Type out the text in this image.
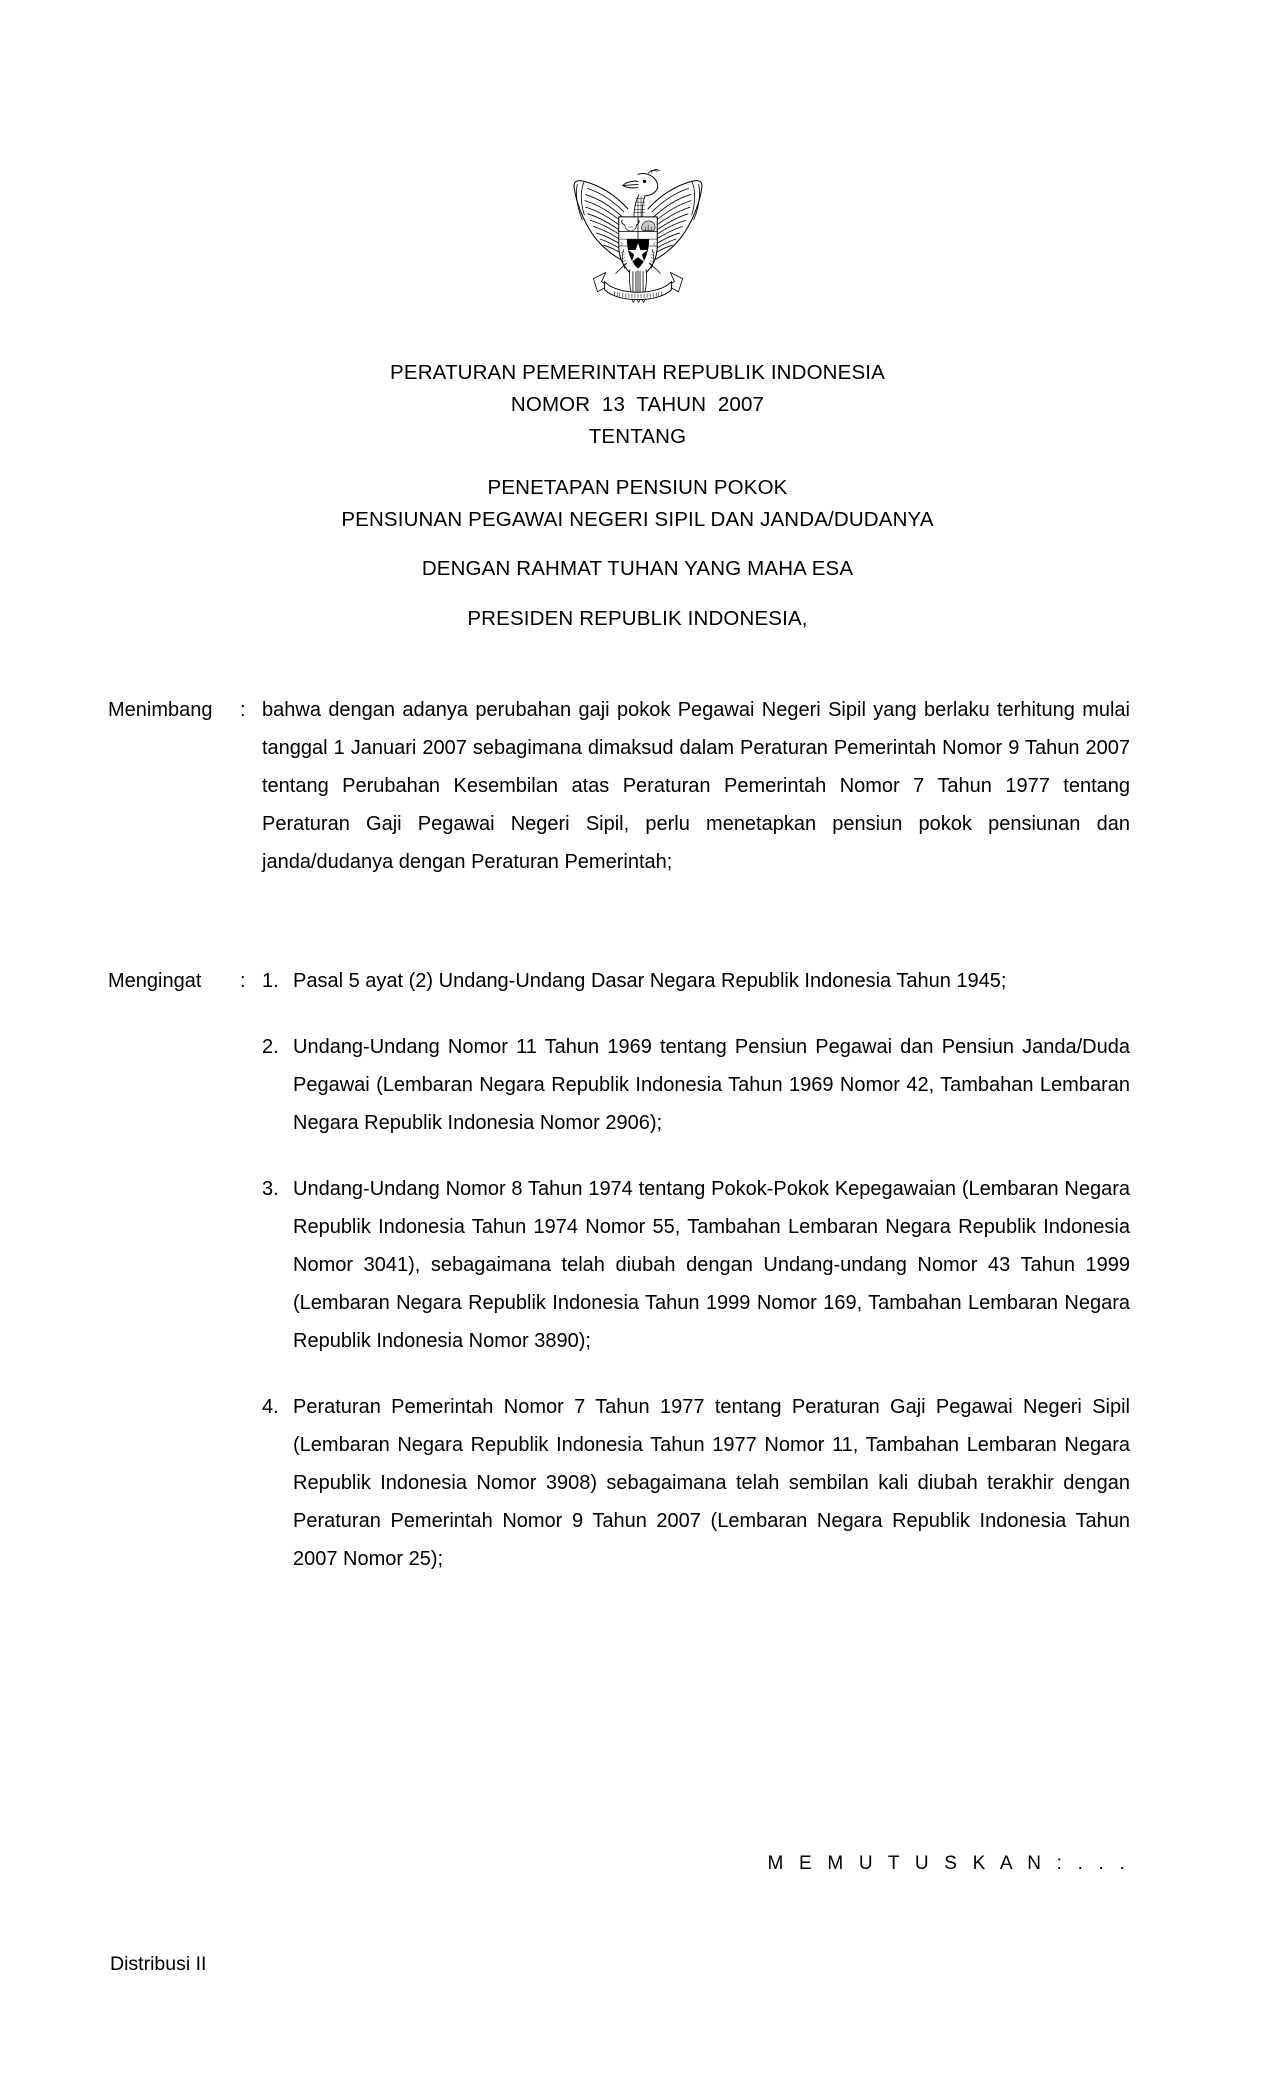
PERATURAN PEMERINTAH REPUBLIK INDONESIA
NOMOR  13  TAHUN  2007
TENTANG
PENETAPAN PENSIUN POKOK
PENSIUNAN PEGAWAI NEGERI SIPIL DAN JANDA/DUDANYA
DENGAN RAHMAT TUHAN YANG MAHA ESA
PRESIDEN REPUBLIK INDONESIA,
Menimbang	: bahwa dengan adanya perubahan gaji pokok Pegawai Negeri Sipil yang berlaku terhitung mulai tanggal 1 Januari 2007 sebagimana dimaksud dalam Peraturan Pemerintah Nomor 9 Tahun 2007 tentang Perubahan Kesembilan atas Peraturan Pemerintah Nomor 7 Tahun 1977 tentang Peraturan Gaji Pegawai Negeri Sipil, perlu menetapkan pensiun pokok pensiunan dan janda/dudanya dengan Peraturan Pemerintah;

Mengingat	: 1. Pasal 5 ayat (2) Undang-Undang Dasar Negara Republik Indonesia Tahun 1945;
2. Undang-Undang Nomor 11 Tahun 1969 tentang Pensiun Pegawai dan Pensiun Janda/Duda Pegawai (Lembaran Negara Republik Indonesia Tahun 1969 Nomor 42, Tambahan Lembaran Negara Republik Indonesia Nomor 2906);
3. Undang-Undang Nomor 8 Tahun 1974 tentang Pokok-Pokok Kepegawaian (Lembaran Negara Republik Indonesia Tahun 1974 Nomor 55, Tambahan Lembaran Negara Republik Indonesia Nomor 3041), sebagaimana telah diubah dengan Undang-undang Nomor 43 Tahun 1999 (Lembaran Negara Republik Indonesia Tahun 1999 Nomor 169, Tambahan Lembaran Negara Republik Indonesia Nomor 3890);
4. Peraturan Pemerintah Nomor 7 Tahun 1977 tentang Peraturan Gaji Pegawai Negeri Sipil (Lembaran Negara Republik Indonesia Tahun 1977 Nomor 11, Tambahan Lembaran Negara Republik Indonesia Nomor 3908) sebagaimana telah sembilan kali diubah terakhir dengan Peraturan Pemerintah Nomor 9 Tahun 2007 (Lembaran Negara Republik Indonesia Tahun 2007 Nomor 25);
M E M U T U S K A N : . . .
Distribusi II
